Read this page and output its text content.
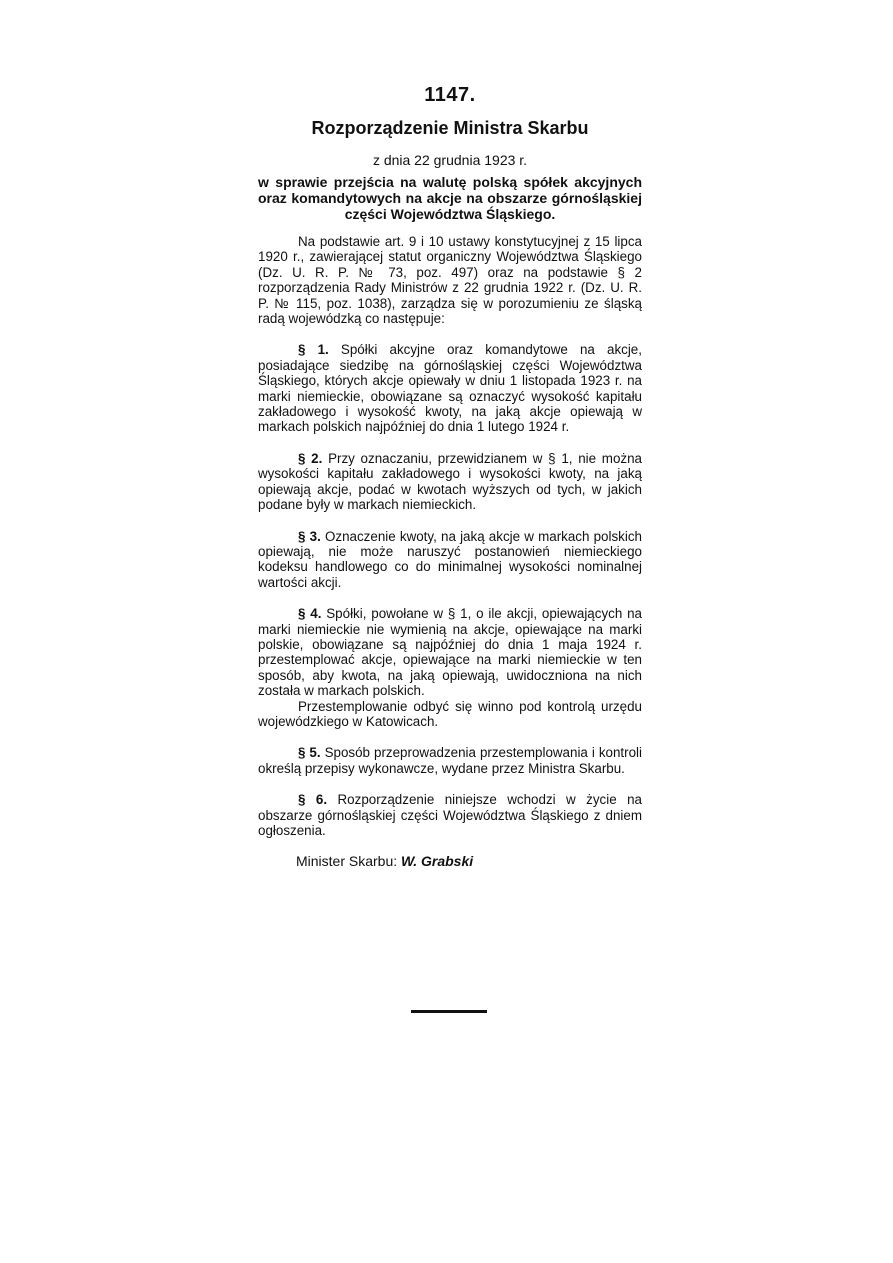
1147.
Rozporządzenie Ministra Skarbu
z dnia 22 grudnia 1923 r.
w sprawie przejścia na walutę polską spółek akcyjnych oraz komandytowych na akcje na obszarze górnośląskiej części Województwa Śląskiego.

Na podstawie art. 9 i 10 ustawy konstytucyjnej z 15 lipca 1920 r., zawierającej statut organiczny Województwa Śląskiego (Dz. U. R. P. № 73, poz. 497) oraz na podstawie § 2 rozporządzenia Rady Ministrów z 22 grudnia 1922 r. (Dz. U. R. P. № 115, poz. 1038), zarządza się w porozumieniu ze śląską radą wojewódzką co następuje:

§ 1. Spółki akcyjne oraz komandytowe na akcje, posiadające siedzibę na górnośląskiej części Województwa Śląskiego, których akcje opiewały w dniu 1 listopada 1923 r. na marki niemieckie, obowiązane są oznaczyć wysokość kapitału zakładowego i wysokość kwoty, na jaką akcje opiewają w markach polskich najpóźniej do dnia 1 lutego 1924 r.

§ 2. Przy oznaczaniu, przewidzianem w § 1, nie można wysokości kapitału zakładowego i wysokości kwoty, na jaką opiewają akcje, podać w kwotach wyższych od tych, w jakich podane były w markach niemieckich.

§ 3. Oznaczenie kwoty, na jaką akcje w markach polskich opiewają, nie może naruszyć postanowień niemieckiego kodeksu handlowego co do minimalnej wysokości nominalnej wartości akcji.

§ 4. Spółki, powołane w § 1, o ile akcji, opiewających na marki niemieckie nie wymienią na akcje, opiewające na marki polskie, obowiązane są najpóźniej do dnia 1 maja 1924 r. przestemplować akcje, opiewające na marki niemieckie w ten sposób, aby kwota, na jaką opiewają, uwidoczniona na nich została w markach polskich.

Przestemplowanie odbyć się winno pod kontrolą urzędu wojewódzkiego w Katowicach.

§ 5. Sposób przeprowadzenia przestemplowania i kontroli określą przepisy wykonawcze, wydane przez Ministra Skarbu.

§ 6. Rozporządzenie niniejsze wchodzi w życie na obszarze górnośląskiej części Województwa Śląskiego z dniem ogłoszenia.

Minister Skarbu: W. Grabski
